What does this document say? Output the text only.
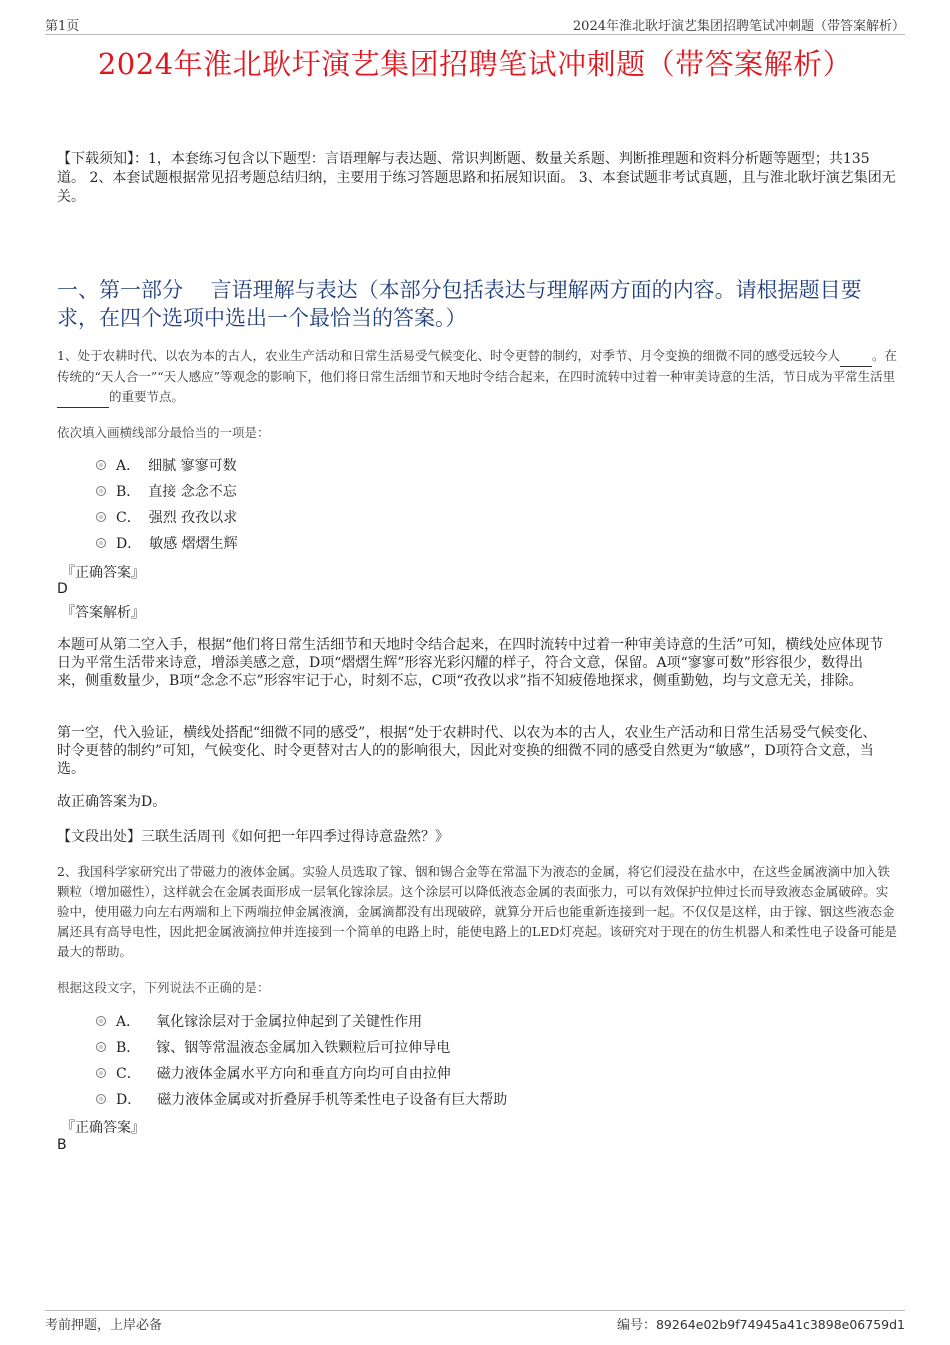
第1页	2024年淮北耿圩演艺集团招聘笔试冲刺题（带答案解析）
2024年淮北耿圩演艺集团招聘笔试冲刺题（带答案解析）
【下载须知】：1，本套练习包含以下题型：言语理解与表达题、常识判断题、数量关系题、判断推理题和资料分析题等题型；共135道。 2、本套试题根据常见招考题总结归纳，主要用于练习答题思路和拓展知识面。 3、本套试题非考试真题，且与淮北耿圩演艺集团无关。
一、第一部分　 言语理解与表达（本部分包括表达与理解两方面的内容。请根据题目要求，在四个选项中选出一个最恰当的答案。）
1、处于农耕时代、以农为本的古人，农业生产活动和日常生活易受气候变化、时令更替的制约，对季节、月令变换的细微不同的感受远较今人	。在传统的“天人合一”“天人感应”等观念的影响下，他们将日常生活细节和天地时令结合起来，在四时流转中过着一种审美诗意的生活，节日成为平常生活里 的重要节点。
依次填入画横线部分最恰当的一项是：
A． 细腻 寥寥可数
B． 直接 念念不忘
C． 强烈 孜孜以求
D． 敏感 熠熠生辉
『正确答案』
D
『答案解析』
本题可从第二空入手，根据“他们将日常生活细节和天地时令结合起来，在四时流转中过着一种审美诗意的生活”可知，横线处应体现节日为平常生活带来诗意，增添美感之意，D项“熠熠生辉”形容光彩闪耀的样子，符合文意，保留。A项“寥寥可数”形容很少，数得出来，侧重数量少，B项“念念不忘”形容牢记于心，时刻不忘，C项“孜孜以求”指不知疲倦地探求，侧重勤勉，均与文意无关，排除。
第一空，代入验证，横线处搭配“细微不同的感受”，根据“处于农耕时代、以农为本的古人，农业生产活动和日常生活易受气候变化、时令更替的制约”可知，气候变化、时令更替对古人的的影响很大，因此对变换的细微不同的感受自然更为“敏感”，D项符合文意，当选。
故正确答案为D。
【文段出处】三联生活周刊《如何把一年四季过得诗意盎然？》
2、我国科学家研究出了带磁力的液体金属。实验人员选取了镓、铟和锡合金等在常温下为液态的金属，将它们浸没在盐水中，在这些金属液滴中加入铁颗粒（增加磁性），这样就会在金属表面形成一层氧化镓涂层。这个涂层可以降低液态金属的表面张力，可以有效保护拉伸过长而导致液态金属破碎。实验中，使用磁力向左右两端和上下两端拉伸金属液滴，金属滴都没有出现破碎，就算分开后也能重新连接到一起。不仅仅是这样，由于镓、铟这些液态金属还具有高导电性，因此把金属液滴拉伸并连接到一个简单的电路上时，能使电路上的LED灯亮起。该研究对于现在的仿生机器人和柔性电子设备可能是最大的帮助。
根据这段文字，下列说法不正确的是：
A． 氧化镓涂层对于金属拉伸起到了关键性作用
B． 镓、铟等常温液态金属加入铁颗粒后可拉伸导电
C． 磁力液体金属水平方向和垂直方向均可自由拉伸
D． 磁力液体金属或对折叠屏手机等柔性电子设备有巨大帮助
『正确答案』
B
考前押题，上岸必备	编号：89264e02b9f74945a41c3898e06759d1
